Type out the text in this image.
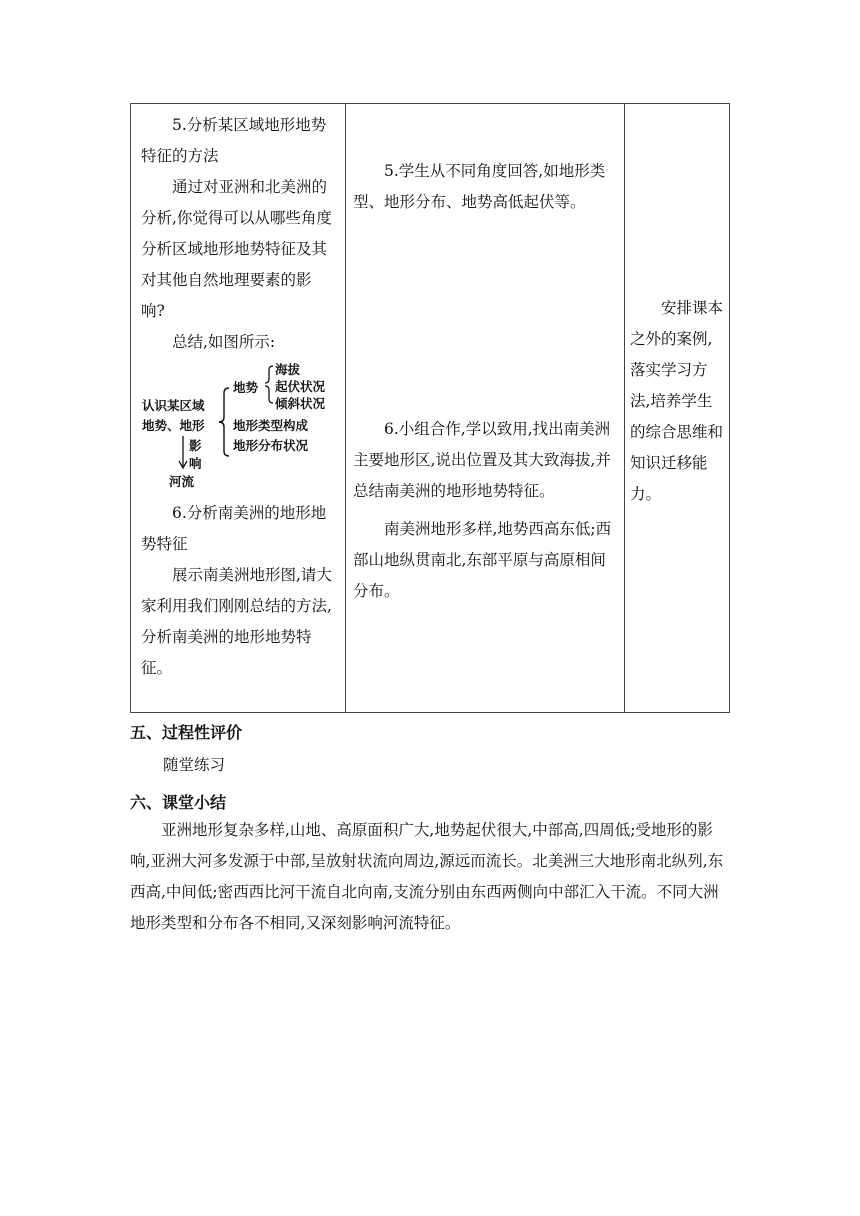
5.分析某区域地形地势特征的方法

通过对亚洲和北美洲的分析,你觉得可以从哪些角度分析区域地形地势特征及其对其他自然地理要素的影响?

总结,如图所示:

认识某区域
地势、地形
影
响
河流
地势
海拔
起伏状况
倾斜状况
地形类型构成
地形分布状况

6.分析南美洲的地形地势特征

展示南美洲地形图,请大家利用我们刚刚总结的方法,分析南美洲的地形地势特征。

5.学生从不同角度回答,如地形类型、地形分布、地势高低起伏等。

6.小组合作,学以致用,找出南美洲主要地形区,说出位置及其大致海拔,并总结南美洲的地形地势特征。

南美洲地形多样,地势西高东低;西部山地纵贯南北,东部平原与高原相间分布。

安排课本之外的案例,落实学习方法,培养学生的综合思维和知识迁移能力。

五、过程性评价
随堂练习
六、课堂小结
亚洲地形复杂多样,山地、高原面积广大,地势起伏很大,中部高,四周低;受地形的影响,亚洲大河多发源于中部,呈放射状流向周边,源远而流长。北美洲三大地形南北纵列,东西高,中间低;密西西比河干流自北向南,支流分别由东西两侧向中部汇入干流。不同大洲地形类型和分布各不相同,又深刻影响河流特征。
